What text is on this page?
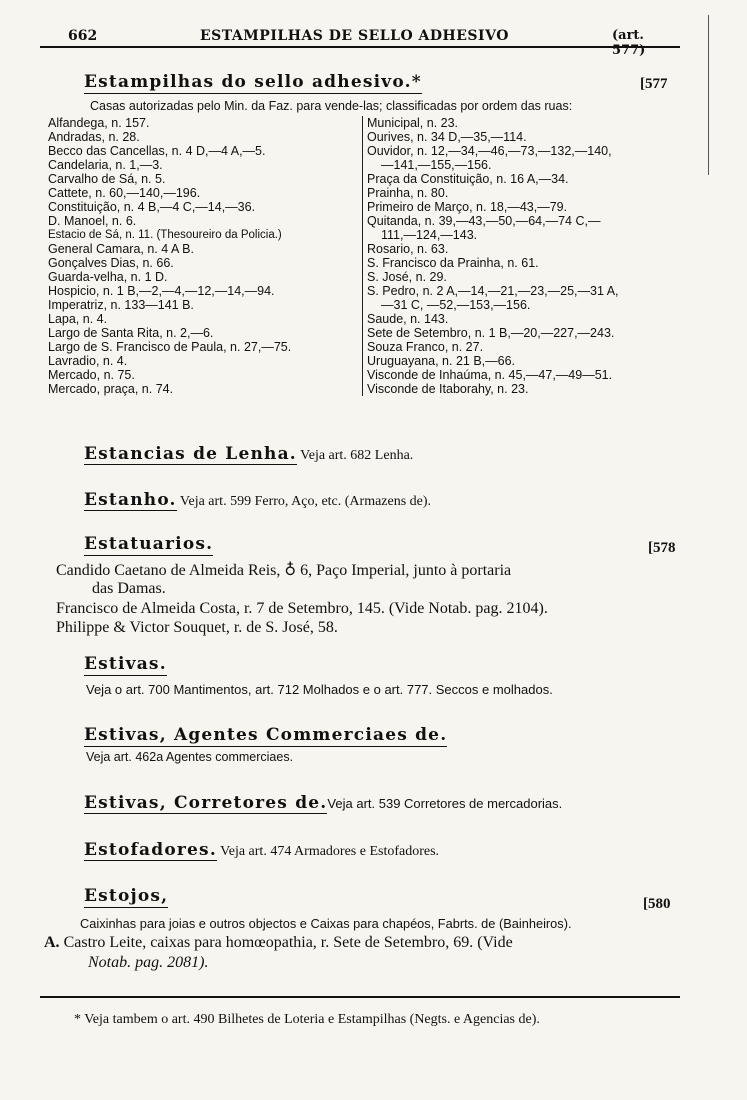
662	ESTAMPILHAS DE SELLO ADHESIVO	(art. 577)
Estampilhas do sello adhesivo.*	[577
Casas autorizadas pelo Min. da Faz. para vende-las; classificadas por ordem das ruas:
Alfandega, n. 157.
Andradas, n. 28.
Becco das Cancellas, n. 4 D,—4 A,—5.
Candelaria, n. 1,—3.
Carvalho de Sá, n. 5.
Cattete, n. 60,—140,—196.
Constituição, n. 4 B,—4 C,—14,—36.
D. Manoel, n. 6.
Estacio de Sá, n. 11. (Thesoureiro da Policia.)
General Camara, n. 4 A B.
Gonçalves Dias, n. 66.
Guarda-velha, n. 1 D.
Hospicio, n. 1 B,—2,—4,—12,—14,—94.
Imperatriz, n. 133—141 B.
Lapa, n. 4.
Largo de Santa Rita, n. 2,—6.
Largo de S. Francisco de Paula, n. 27,—75.
Lavradio, n. 4.
Mercado, n. 75.
Mercado, praça, n. 74.
Municipal, n. 23.
Ourives, n. 34 D,—35,—114.
Ouvidor, n. 12,—34,—46,—73,—132,—140,
—141,—155,—156.
Praça da Constituição, n. 16 A,—34.
Prainha, n. 80.
Primeiro de Março, n. 18,—43,—79.
Quitanda, n. 39,—43,—50,—64,—74 C,—
111,—124,—143.
Rosario, n. 63.
S. Francisco da Prainha, n. 61.
S. José, n. 29.
S. Pedro, n. 2 A,—14,—21,—23,—25,—31 A,
—31 C, —52,—153,—156.
Saude, n. 143.
Sete de Setembro, n. 1 B,—20,—227,—243.
Souza Franco, n. 27.
Uruguayana, n. 21 B,—66.
Visconde de Inhaúma, n. 45,—47,—49—51.
Visconde de Itaborahy, n. 23.
Estancias de Lenha. Veja art. 682 Lenha.
Estanho. Veja art. 599 Ferro, Aço, etc. (Armazens de).
Estatuarios.	[578
Candido Caetano de Almeida Reis, ♁ 6, Paço Imperial, junto à portaria
das Damas.
Francisco de Almeida Costa, r. 7 de Setembro, 145. (Vide Notab. pag. 2104).
Philippe & Victor Souquet, r. de S. José, 58.
Estivas.
Veja o art. 700 Mantimentos, art. 712 Molhados e o art. 777. Seccos e molhados.
Estivas, Agentes Commerciaes de.
Veja art. 462a Agentes commerciaes.
Estivas, Corretores de.Veja art. 539 Corretores de mercadorias.
Estofadores. Veja art. 474 Armadores e Estofadores.
Estojos,	[580
Caixinhas para joias e outros objectos e Caixas para chapéos, Fabrts. de (Bainheiros).
A. Castro Leite, caixas para homœopathia, r. Sete de Setembro, 69. (Vide
Notab. pag. 2081).
* Veja tambem o art. 490 Bilhetes de Loteria e Estampilhas (Negts. e Agencias de).
